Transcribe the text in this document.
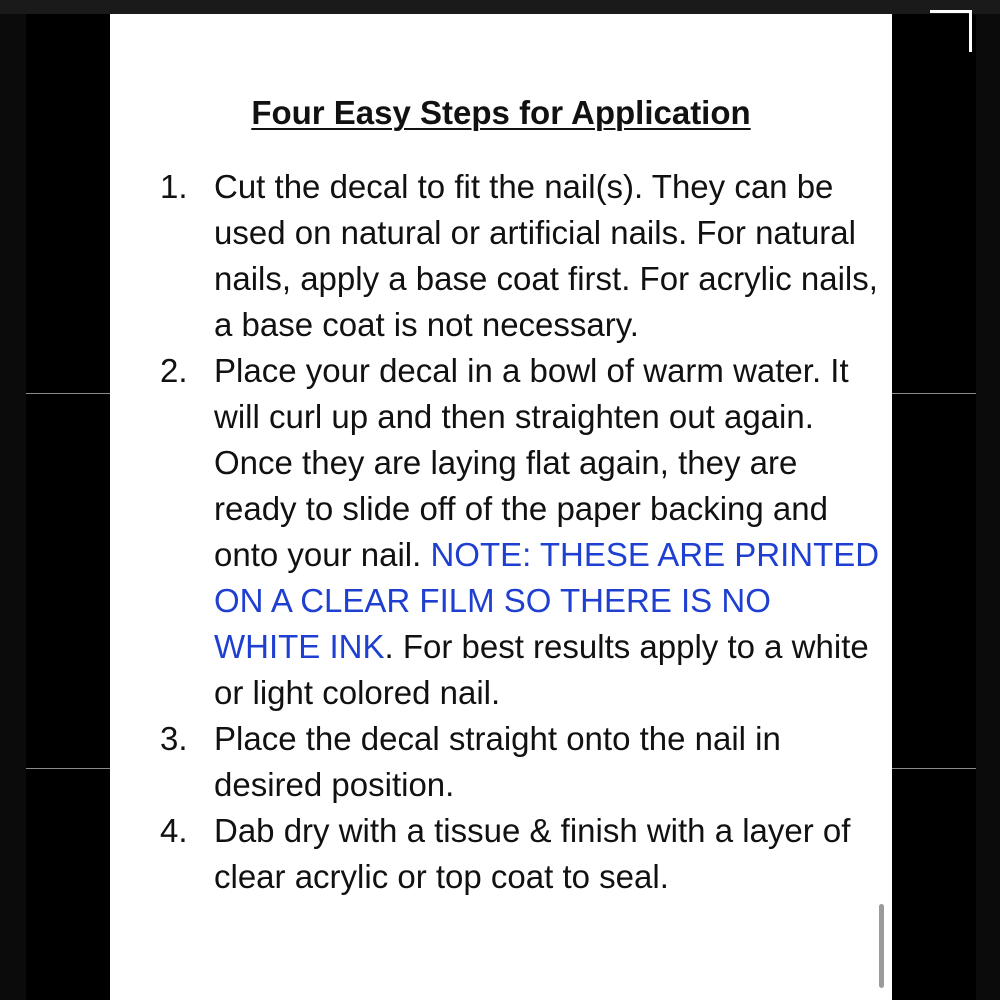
Four Easy Steps for Application
1. Cut the decal to fit the nail(s). They can be used on natural or artificial nails. For natural nails, apply a base coat first. For acrylic nails, a base coat is not necessary.
2. Place your decal in a bowl of warm water. It will curl up and then straighten out again. Once they are laying flat again, they are ready to slide off of the paper backing and onto your nail. NOTE: THESE ARE PRINTED ON A CLEAR FILM SO THERE IS NO WHITE INK. For best results apply to a white or light colored nail.
3. Place the decal straight onto the nail in desired position.
4. Dab dry with a tissue & finish with a layer of clear acrylic or top coat to seal.
